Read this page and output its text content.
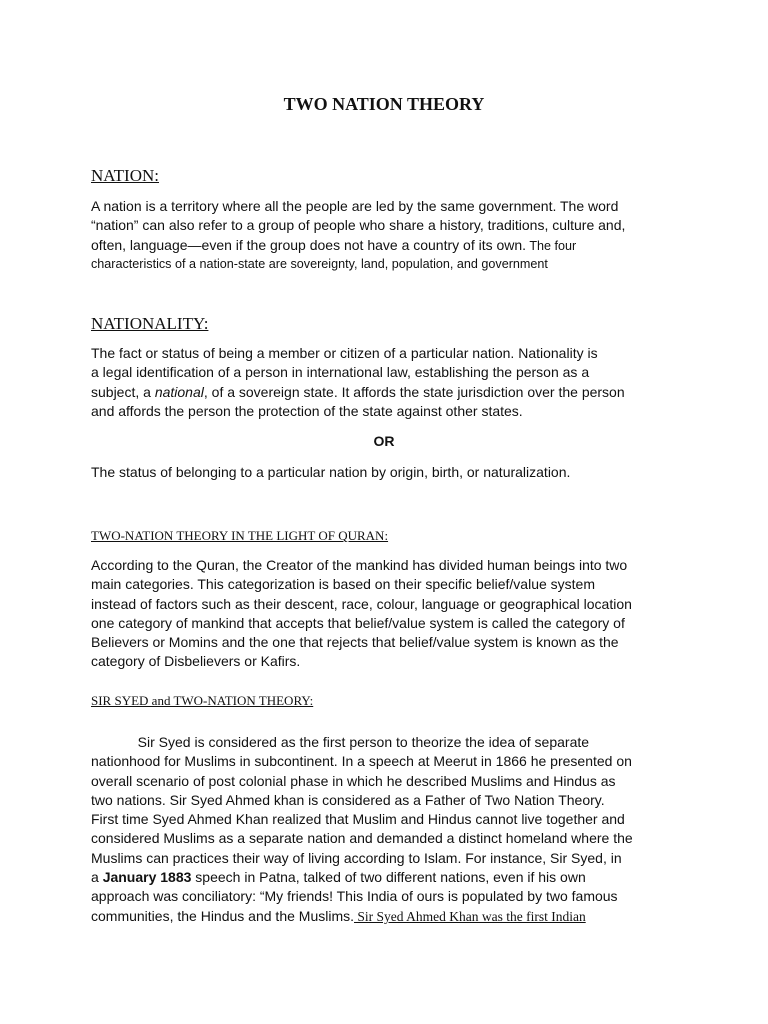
TWO NATION THEORY
NATION:
A nation is a territory where all the people are led by the same government. The word
“nation” can also refer to a group of people who share a history, traditions, culture and,
often, language—even if the group does not have a country of its own. The four
characteristics of a nation-state are sovereignty, land, population, and government
NATIONALITY:
The fact or status of being a member or citizen of a particular nation. Nationality is
a legal identification of a person in international law, establishing the person as a
subject, a national, of a sovereign state. It affords the state jurisdiction over the person
and affords the person the protection of the state against other states.
OR
The status of belonging to a particular nation by origin, birth, or naturalization.
TWO-NATION THEORY IN THE LIGHT OF QURAN:
According to the Quran, the Creator of the mankind has divided human beings into two
main categories. This categorization is based on their specific belief/value system
instead of factors such as their descent, race, colour, language or geographical location
one category of mankind that accepts that belief/value system is called the category of
Believers or Momins and the one that rejects that belief/value system is known as the
category of Disbelievers or Kafirs.
SIR SYED and TWO-NATION THEORY:
Sir Syed is considered as the first person to theorize the idea of separate
nationhood for Muslims in subcontinent. In a speech at Meerut in 1866 he presented on
overall scenario of post colonial phase in which he described Muslims and Hindus as
two nations. Sir Syed Ahmed khan is considered as a Father of Two Nation Theory.
First time Syed Ahmed Khan realized that Muslim and Hindus cannot live together and
considered Muslims as a separate nation and demanded a distinct homeland where the
Muslims can practices their way of living according to Islam. For instance, Sir Syed, in
a January 1883 speech in Patna, talked of two different nations, even if his own
approach was conciliatory: “My friends! This India of ours is populated by two famous
communities, the Hindus and the Muslims. Sir Syed Ahmed Khan was the first Indian
